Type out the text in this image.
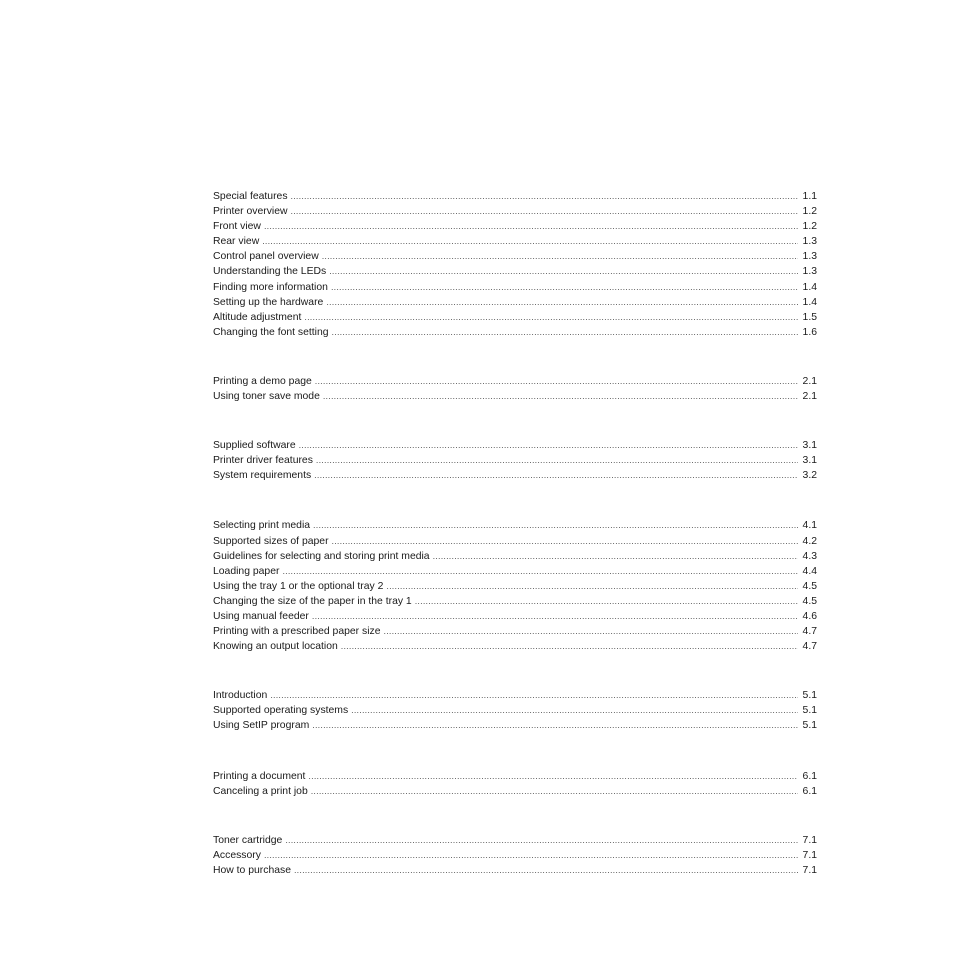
Special features .....	1.1
Printer overview .....	1.2
Front view .....	1.2
Rear view .....	1.3
Control panel overview .....	1.3
Understanding the LEDs .....	1.3
Finding more information .....	1.4
Setting up the hardware .....	1.4
Altitude adjustment .....	1.5
Changing the font setting .....	1.6
Printing a demo page .....	2.1
Using toner save mode .....	2.1
Supplied software .....	3.1
Printer driver features .....	3.1
System requirements .....	3.2
Selecting print media .....	4.1
Supported sizes of paper .....	4.2
Guidelines for selecting and storing print media .....	4.3
Loading paper .....	4.4
Using the tray 1 or the optional tray 2 .....	4.5
Changing the size of the paper in the tray 1 .....	4.5
Using manual feeder .....	4.6
Printing with a prescribed paper size .....	4.7
Knowing an output location .....	4.7
Introduction .....	5.1
Supported operating systems .....	5.1
Using SetIP program .....	5.1
Printing a document .....	6.1
Canceling a print job .....	6.1
Toner cartridge .....	7.1
Accessory .....	7.1
How to purchase .....	7.1
